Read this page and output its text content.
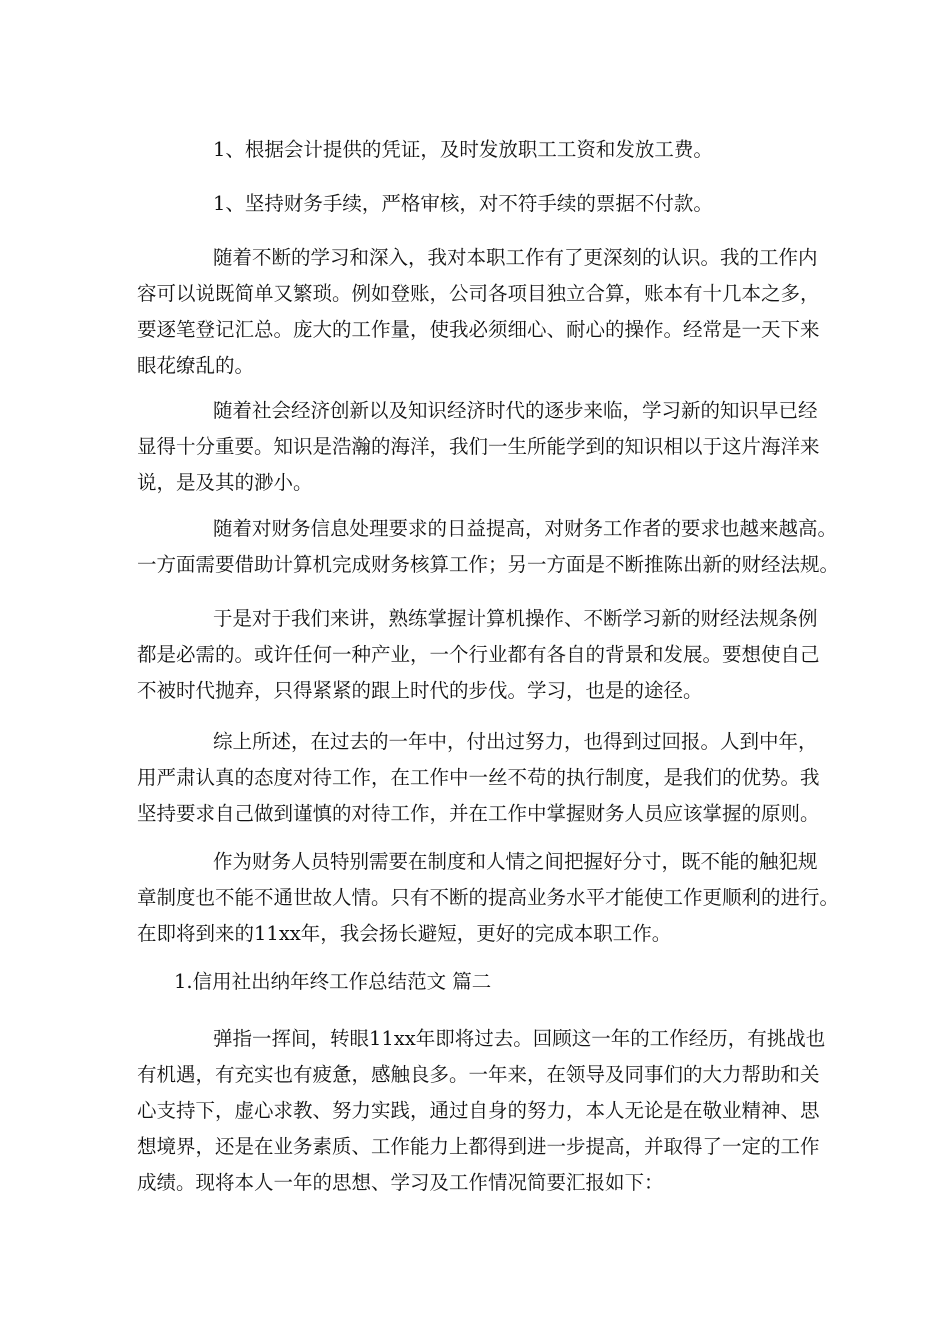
1、根据会计提供的凭证，及时发放职工工资和发放工费。

1、坚持财务手续，严格审核，对不符手续的票据不付款。

随着不断的学习和深入，我对本职工作有了更深刻的认识。我的工作内
容可以说既简单又繁琐。例如登账，公司各项目独立合算，账本有十几本之多，
要逐笔登记汇总。庞大的工作量，使我必须细心、耐心的操作。经常是一天下来
眼花缭乱的。

随着社会经济创新以及知识经济时代的逐步来临，学习新的知识早已经
显得十分重要。知识是浩瀚的海洋，我们一生所能学到的知识相以于这片海洋来
说，是及其的渺小。

随着对财务信息处理要求的日益提高，对财务工作者的要求也越来越高。
一方面需要借助计算机完成财务核算工作；另一方面是不断推陈出新的财经法规。

于是对于我们来讲，熟练掌握计算机操作、不断学习新的财经法规条例
都是必需的。或许任何一种产业，一个行业都有各自的背景和发展。要想使自己
不被时代抛弃，只得紧紧的跟上时代的步伐。学习，也是的途径。

综上所述，在过去的一年中，付出过努力，也得到过回报。人到中年，
用严肃认真的态度对待工作，在工作中一丝不苟的执行制度，是我们的优势。我
坚持要求自己做到谨慎的对待工作，并在工作中掌握财务人员应该掌握的原则。

作为财务人员特别需要在制度和人情之间把握好分寸，既不能的触犯规
章制度也不能不通世故人情。只有不断的提高业务水平才能使工作更顺利的进行。
在即将到来的11xx年，我会扬长避短，更好的完成本职工作。

1.信用社出纳年终工作总结范文 篇二

弹指一挥间，转眼11xx年即将过去。回顾这一年的工作经历，有挑战也
有机遇，有充实也有疲惫，感触良多。一年来，在领导及同事们的大力帮助和关
心支持下，虚心求教、努力实践，通过自身的努力，本人无论是在敬业精神、思
想境界，还是在业务素质、工作能力上都得到进一步提高，并取得了一定的工作
成绩。现将本人一年的思想、学习及工作情况简要汇报如下：
